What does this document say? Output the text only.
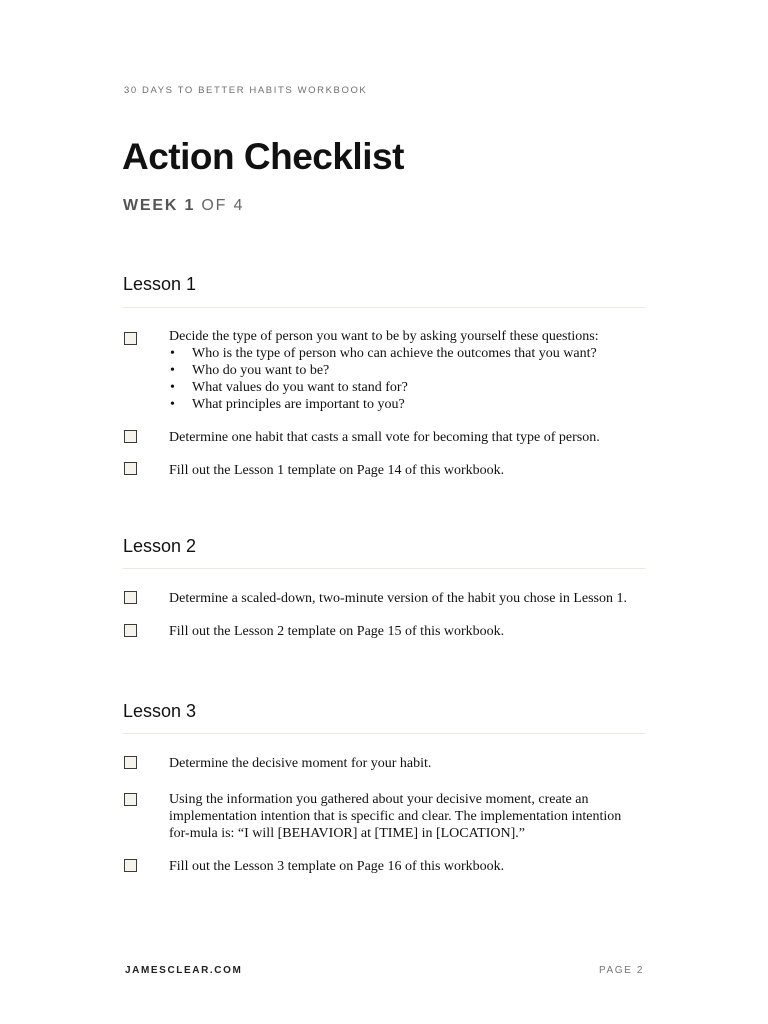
30 DAYS TO BETTER HABITS WORKBOOK
Action Checklist
WEEK 1 OF 4
Lesson 1
Decide the type of person you want to be by asking yourself these questions:
• Who is the type of person who can achieve the outcomes that you want?
• Who do you want to be?
• What values do you want to stand for?
• What principles are important to you?
Determine one habit that casts a small vote for becoming that type of person.
Fill out the Lesson 1 template on Page 14 of this workbook.
Lesson 2
Determine a scaled-down, two-minute version of the habit you chose in Lesson 1.
Fill out the Lesson 2 template on Page 15 of this workbook.
Lesson 3
Determine the decisive moment for your habit.
Using the information you gathered about your decisive moment, create an implementation intention that is specific and clear. The implementation intention for-mula is: “I will [BEHAVIOR] at [TIME] in [LOCATION].”
Fill out the Lesson 3 template on Page 16 of this workbook.
JAMESCLEAR.COM	PAGE 2
